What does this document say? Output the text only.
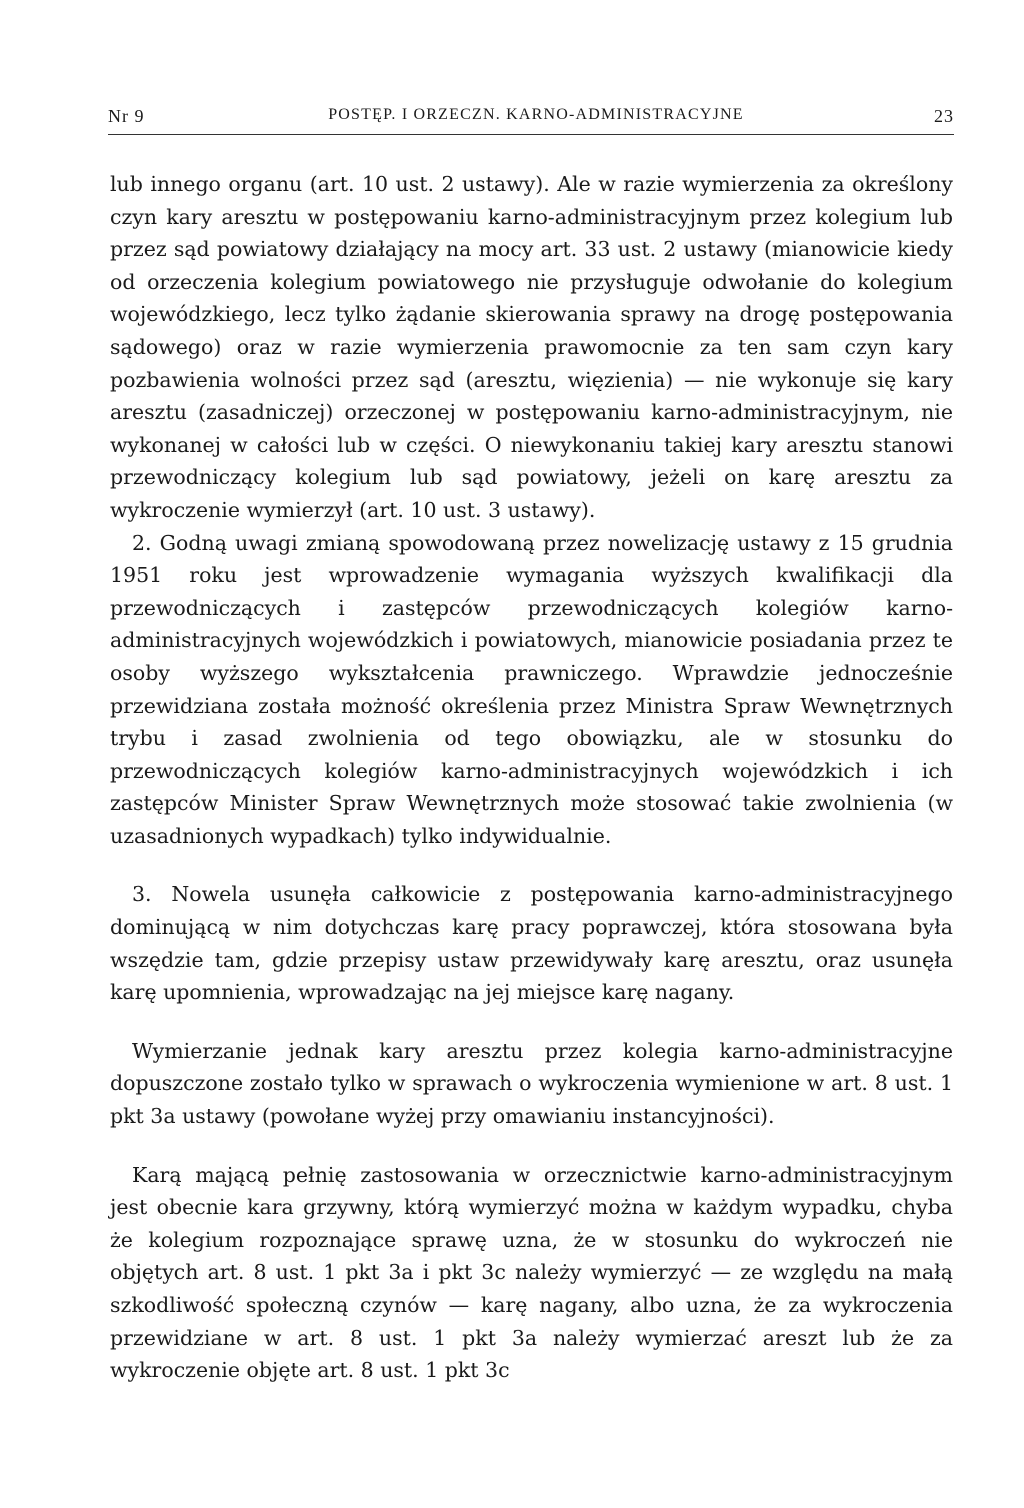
Nr 9	POSTĘP. I ORZECZN. KARNO-ADMINISTRACYJNE	23

lub innego organu (art. 10 ust. 2 ustawy). Ale w razie wymierzenia za określony czyn kary aresztu w postępowaniu karno-administracyjnym przez kolegium lub przez sąd powiatowy działający na mocy art. 33 ust. 2 ustawy (mianowicie kiedy od orzeczenia kolegium powiatowego nie przysługuje odwołanie do kolegium wojewódzkiego, lecz tylko żądanie skierowania sprawy na drogę postępowania sądowego) oraz w razie wymierzenia prawomocnie za ten sam czyn kary pozbawienia wolności przez sąd (aresztu, więzienia) — nie wykonuje się kary aresztu (zasadniczej) orzeczonej w postępowaniu karno-administracyjnym, nie wykonanej w całości lub w części. O niewykonaniu takiej kary aresztu stanowi przewodniczący kolegium lub sąd powiatowy, jeżeli on karę aresztu za wykroczenie wymierzył (art. 10 ust. 3 ustawy).

2. Godną uwagi zmianą spowodowaną przez nowelizację ustawy z 15 grudnia 1951 roku jest wprowadzenie wymagania wyższych kwalifikacji dla przewodniczących i zastępców przewodniczących kolegiów karno-administracyjnych wojewódzkich i powiatowych, mianowicie posiadania przez te osoby wyższego wykształcenia prawniczego. Wprawdzie jednocześnie przewidziana została możność określenia przez Ministra Spraw Wewnętrznych trybu i zasad zwolnienia od tego obowiązku, ale w stosunku do przewodniczących kolegiów karno-administracyjnych wojewódzkich i ich zastępców Minister Spraw Wewnętrznych może stosować takie zwolnienia (w uzasadnionych wypadkach) tylko indywidualnie.

3. Nowela usunęła całkowicie z postępowania karno-administracyjnego dominującą w nim dotychczas karę pracy poprawczej, która stosowana była wszędzie tam, gdzie przepisy ustaw przewidywały karę aresztu, oraz usunęła karę upomnienia, wprowadzając na jej miejsce karę nagany.

Wymierzanie jednak kary aresztu przez kolegia karno-administracyjne dopuszczone zostało tylko w sprawach o wykroczenia wymienione w art. 8 ust. 1 pkt 3a ustawy (powołane wyżej przy omawianiu instancyjności).

Karą mającą pełnię zastosowania w orzecznictwie karno-administracyjnym jest obecnie kara grzywny, którą wymierzyć można w każdym wypadku, chyba że kolegium rozpoznające sprawę uzna, że w stosunku do wykroczeń nie objętych art. 8 ust. 1 pkt 3a i pkt 3c należy wymierzyć — ze względu na małą szkodliwość społeczną czynów — karę nagany, albo uzna, że za wykroczenia przewidziane w art. 8 ust. 1 pkt 3a należy wymierzać areszt lub że za wykroczenie objęte art. 8 ust. 1 pkt 3c
